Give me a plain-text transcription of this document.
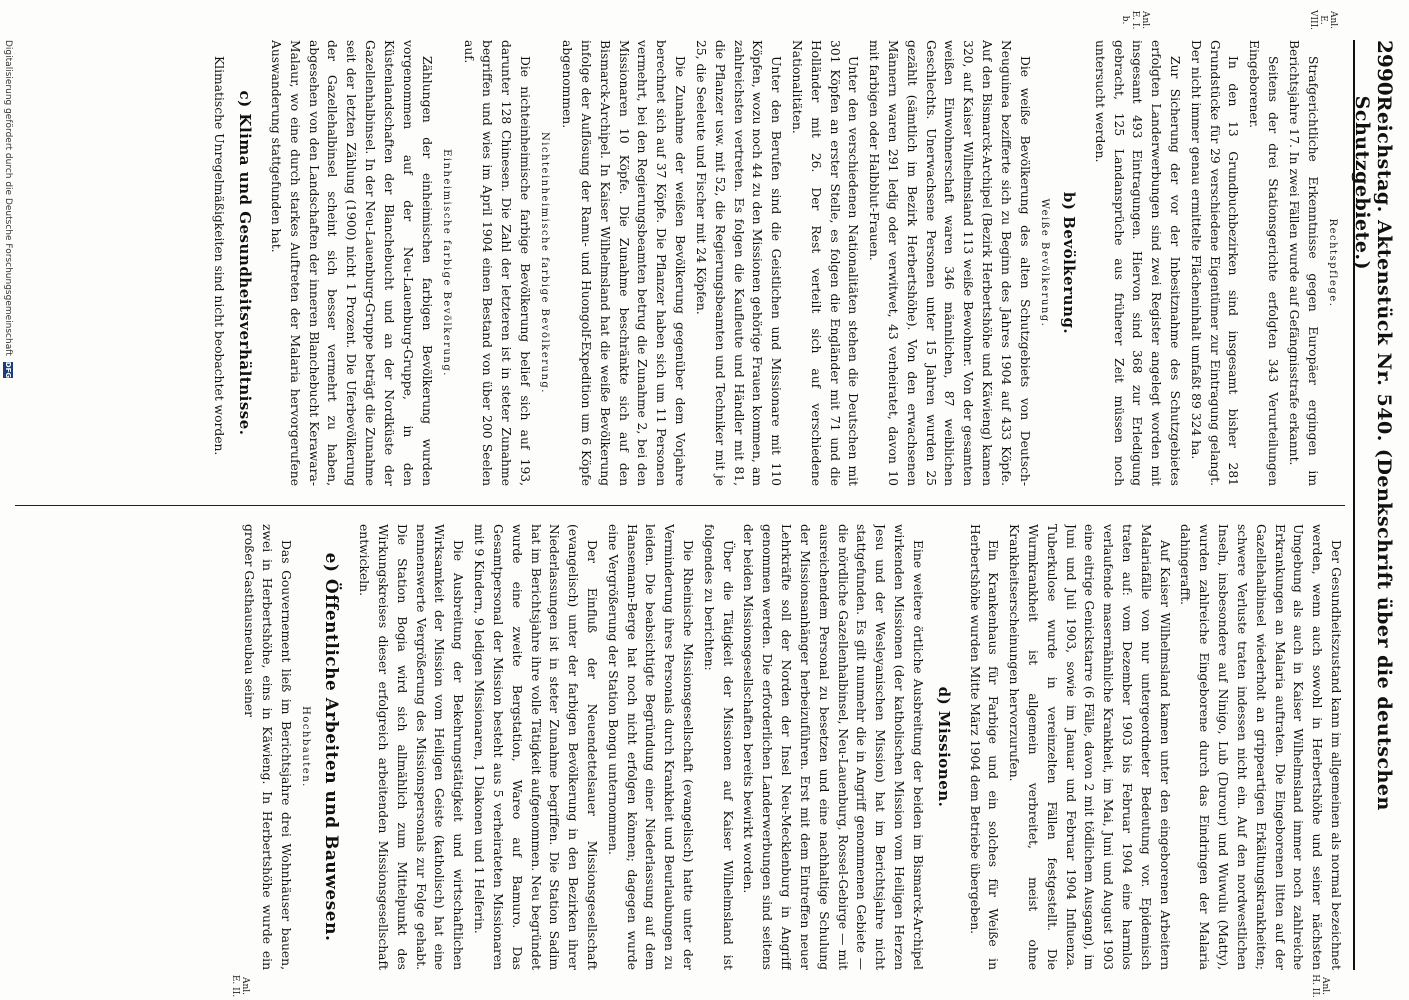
2990
Reichstag. Aktenstück Nr. 540. (Denkschrift über die deutschen Schutzgebiete.)
Anl. E. VIII.
Anl. E. I. b.
Anl. H. II.
Anl. E. II.
Rechtspflege.

Strafgerichtliche Erkenntnisse gegen Europäer ergingen im Berichtsjahre 17. In zwei Fällen wurde auf Gefängnisstrafe erkannt.

Seitens der drei Stationsgerichte erfolgten 343 Verurteilungen Eingeborener.

In den 13 Grundbuchbezirken sind insgesamt bisher 281 Grundstücke für 29 verschiedene Eigentümer zur Eintragung gelangt. Der nicht immer genau ermittelte Flächeninhalt umfaßt 89 324 ha.

Zur Sicherung der vor der Inbesitznahme des Schutzgebietes erfolgten Landerwerbungen sind zwei Register angelegt worden mit insgesamt 493 Eintragungen. Hiervon sind 368 zur Erledigung gebracht, 125 Landansprüche aus früherer Zeit müssen noch untersucht werden.

b) Bevölkerung.
Weiße Bevölkerung.

Die weiße Bevölkerung des alten Schutzgebiets von Deutsch-Neuguinea bezifferte sich zu Beginn des Jahres 1904 auf 433 Köpfe. Auf den Bismarck-Archipel (Bezirk Herbertshöhe und Käwieng) kamen 320, auf Kaiser Wilhelmsland 113 weiße Bewohner. Von der gesamten weißen Einwohnerschaft waren 346 männlichen, 87 weiblichen Geschlechts. Unerwachsene Personen unter 15 Jahren wurden 25 gezählt (sämtlich im Bezirk Herbertshöhe). Von den erwachsenen Männern waren 291 ledig oder verwitwet, 43 verheiratet, davon 10 mit farbigen oder Halbblut-Frauen.

Unter den verschiedenen Nationalitäten stehen die Deutschen mit 301 Köpfen an erster Stelle, es folgen die Engländer mit 71 und die Holländer mit 26. Der Rest verteilt sich auf verschiedene Nationalitäten.

Unter den Berufen sind die Geistlichen und Missionare mit 110 Köpfen, wozu noch 44 zu den Missionen gehörige Frauen kommen, am zahlreichsten vertreten. Es folgen die Kaufleute und Händler mit 81, die Pflanzer usw. mit 52, die Regierungsbeamten und Techniker mit je 25, die Seeleute und Fischer mit 24 Köpfen.

Die Zunahme der weißen Bevölkerung gegenüber dem Vorjahre berechnet sich auf 37 Köpfe. Die Pflanzer haben sich um 11 Personen vermehrt, bei den Regierungsbeamten betrug die Zunahme 2, bei den Missionaren 10 Köpfe. Die Zunahme beschränkte sich auf den Bismarck-Archipel. In Kaiser Wilhelmsland hat die weiße Bevölkerung infolge der Auflösung der Ramu- und Huongolf-Expedition um 6 Köpfe abgenommen.

Nichteinheimische farbige Bevölkerung.

Die nichteinheimische farbige Bevölkerung belief sich auf 193, darunter 128 Chinesen. Die Zahl der letzteren ist in steter Zunahme begriffen und wies im April 1904 einen Bestand von über 200 Seelen auf.

Einheimische farbige Bevölkerung.

Zählungen der einheimischen farbigen Bevölkerung wurden vorgenommen auf der Neu-Lauenburg-Gruppe, in den Küstenlandschaften der Blanchebucht und an der Nordküste der Gazellenhalbinsel. In der Neu-Lauenburg-Gruppe beträgt die Zunahme seit der letzten Zählung (1900) nicht 1 Prozent. Die Uferbevölkerung der Gazellehalbinsel scheint sich besser vermehrt zu haben, abgesehen von den Landschaften der inneren Blanchebucht Kerawara-Malaur, wo eine durch starkes Auftreten der Malaria hervorgerufene Auswanderung stattgefunden hat.

c) Klima und Gesundheitsverhältnisse.

Klimatische Unregelmäßigkeiten sind nicht beobachtet worden.

Der Gesundheitszustand kann im allgemeinen als normal bezeichnet werden, wenn auch sowohl in Herbertshöhe und seiner nächsten Umgebung als auch in Kaiser Wilhelmsland immer noch zahlreiche Erkrankungen an Malaria auftraten. Die Eingeborenen litten auf der Gazellehalbinsel wiederholt an grippeartigen Erkältungskrankheiten; schwere Verluste traten indessen nicht ein. Auf den nordwestlichen Inseln, insbesondere auf Ninigo, Lub (Durour) und Wuwulu (Matty), wurden zahlreiche Eingeborene durch das Eindringen der Malaria dahingerafft.

Auf Kaiser Wilhelmsland kamen unter den eingeborenen Arbeitern Malariafälle von nur untergeordneter Bedeutung vor. Epidemisch traten auf: vom Dezember 1903 bis Februar 1904 eine harmlos verlaufende masernähnliche Krankheit, im Mai, Juni und August 1903 eine eitrige Genickstarre (6 Fälle, davon 2 mit tödlichem Ausgang), im Juni und Juli 1903, sowie im Januar und Februar 1904 Influenza. Tuberkulose wurde in vereinzelten Fällen festgestellt. Die Wurmkrankheit ist allgemein verbreitet, meist ohne Krankheitserscheinungen hervorzurufen.

Ein Krankenhaus für Farbige und ein solches für Weiße in Herbertshöhe wurden Mitte März 1904 dem Betriebe übergeben.

d) Missionen.

Eine weitere örtliche Ausbreitung der beiden im Bismarck-Archipel wirkenden Missionen (der katholischen Mission vom Heiligen Herzen Jesu und der Wesleyanischen Mission) hat im Berichtsjahre nicht stattgefunden. Es gilt nunmehr die in Angriff genommenen Gebiete — die nördliche Gazellenhalbinsel, Neu-Lauenburg, Rossel-Gebirge — mit ausreichendem Personal zu besetzen und eine nachhaltige Schulung der Missionsanhänger herbeizuführen. Erst mit dem Eintreffen neuer Lehrkräfte soll der Norden der Insel Neu-Mecklenburg in Angriff genommen werden. Die erforderlichen Landerwerbungen sind seitens der beiden Missionsgesellschaften bereits bewirkt worden.

Über die Tätigkeit der Missionen auf Kaiser Wilhelmsland ist folgendes zu berichten:

Die Rheinische Missionsgesellschaft (evangelisch) hatte unter der Verminderung ihres Personals durch Krankheit und Beurlaubungen zu leiden. Die beabsichtigte Begründung einer Niederlassung auf dem Hansemann-Berge hat noch nicht erfolgen können; dagegen wurde eine Vergrößerung der Station Bongu unternommen.

Der Einfluß der Neuendettelsauer Missionsgesellschaft (evangelisch) unter der farbigen Bevölkerung in den Bezirken ihrer Niederlassungen ist in steter Zunahme begriffen. Die Station Sadim hat im Berichtsjahre ihre volle Tätigkeit aufgenommen. Neu begründet wurde eine zweite Bergstation, Wareo auf Bamuro. Das Gesamtpersonal der Mission besteht aus 5 verheirateten Missionaren mit 9 Kindern, 9 ledigen Missionaren, 1 Diakonen und 1 Helferin.

Die Ausbreitung der Bekehrungstätigkeit und wirtschaftlichen Wirksamkeit der Mission vom Heiligen Geiste (katholisch) hat eine nennenswerte Vergrößerung des Missionspersonals zur Folge gehabt. Die Station Bogia wird sich allmählich zum Mittelpunkt des Wirkungskreises dieser erfolgreich arbeitenden Missionsgesellschaft entwickeln.

e) Öffentliche Arbeiten und Bauwesen.
Hochbauten.

Das Gouvernement ließ im Berichtsjahre drei Wohnhäuser bauen, zwei in Herbertshöhe, eins in Käwieng. In Herbertshöhe wurde ein großer Gasthausneubau seiner

Digitalisierung gefördert durch die Deutsche Forschungsgemeinschaft
DFG
